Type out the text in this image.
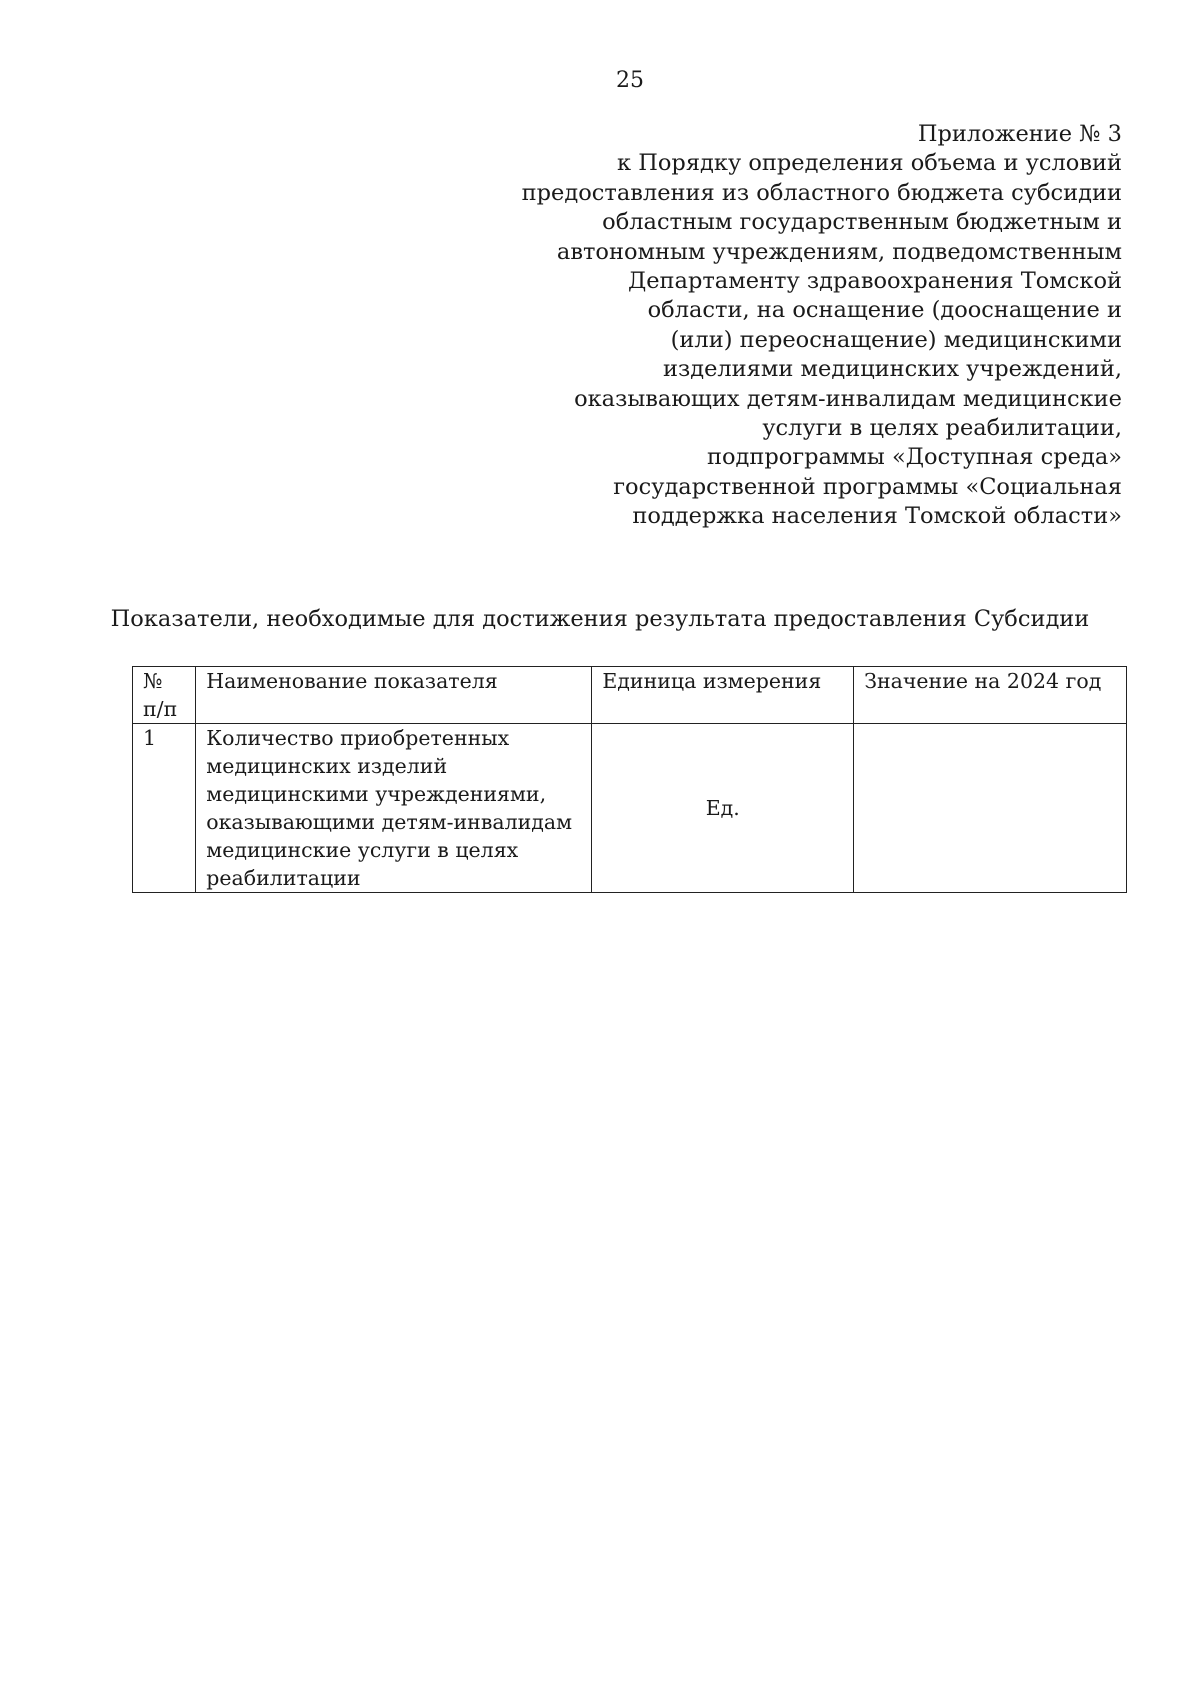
25
Приложение № 3
к Порядку определения объема и условий
предоставления из областного бюджета субсидии
областным государственным бюджетным и
автономным учреждениям, подведомственным
Департаменту здравоохранения Томской
области, на оснащение (дооснащение и
(или) переоснащение) медицинскими
изделиями медицинских учреждений,
оказывающих детям-инвалидам медицинские
услуги в целях реабилитации,
подпрограммы «Доступная среда»
государственной программы «Социальная
поддержка населения Томской области»
Показатели, необходимые для достижения результата предоставления Субсидии
№ п/п	Наименование показателя	Единица измерения	Значение на 2024 год
1	Количество приобретенных медицинских изделий медицинскими учреждениями, оказывающими детям-инвалидам медицинские услуги в целях реабилитации	Ед.	
